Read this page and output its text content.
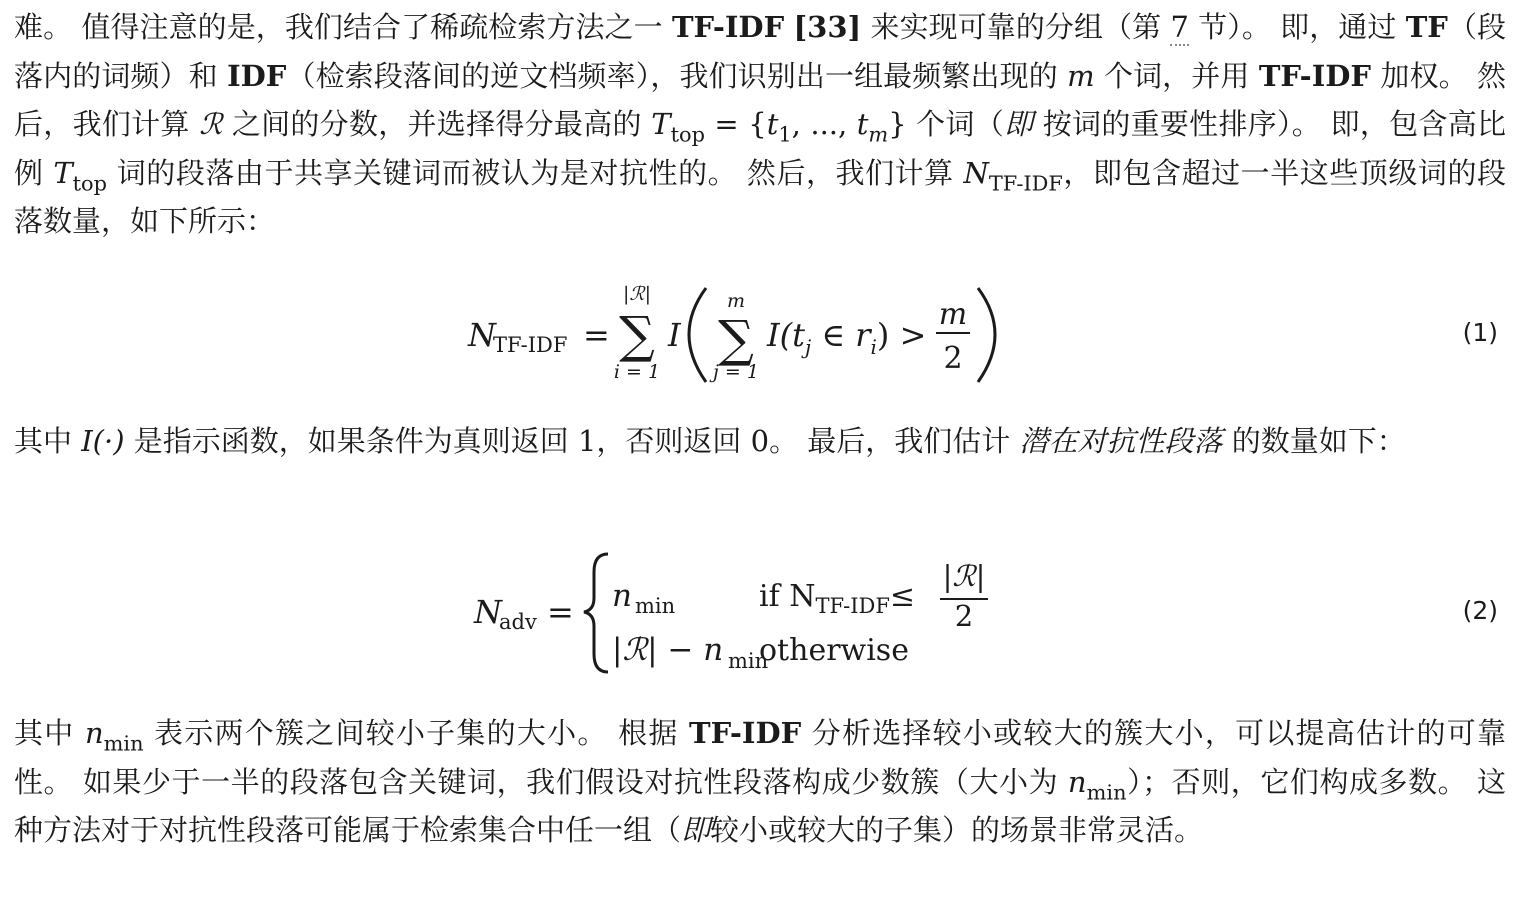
难。 值得注意的是，我们结合了稀疏检索方法之一 TF-IDF [33] 来实现可靠的分组（第 7 节）。 即，通过 TF（段落内的词频）和 IDF（检索段落间的逆文档频率），我们识别出一组最频繁出现的 m 个词，并用 TF-IDF 加权。 然后，我们计算 ℛ 之间的分数，并选择得分最高的 $T_{top} = \{t_1$, ..., $t_m$} 个词（即 按词的重要性排序）。 即，包含高比例 $T_{top}$ 词的段落由于共享关键词而被认为是对抗性的。 然后，我们计算 $N_{TF-IDF}$，即包含超过一半这些顶级词的段落数量，如下所示：

N
TF-IDF =
|ℛ|
∑
i = 1
I
m
∑
j = 1
$I(t_j$ ∈ $r_i$) >
m
2
(1)

其中 I(·) 是指示函数，如果条件为真则返回 1，否则返回 0。 最后，我们估计 潜在对抗性段落 的数量如下：

N
adv = n min	if $N_{TF-IDF}\le$
|ℛ|
2
|ℛ| − n min
otherwise
(2)

其中 $n_{min}$ 表示两个簇之间较小子集的大小。 根据 TF-IDF 分析选择较小或较大的簇大小，可以提高估计的可靠性。 如果少于一半的段落包含关键词，我们假设对抗性段落构成少数簇（大小为 $n_{min}$）；否则，它们构成多数。 这种方法对于对抗性段落可能属于检索集合中任一组（即较小或较大的子集）的场景非常灵活。
